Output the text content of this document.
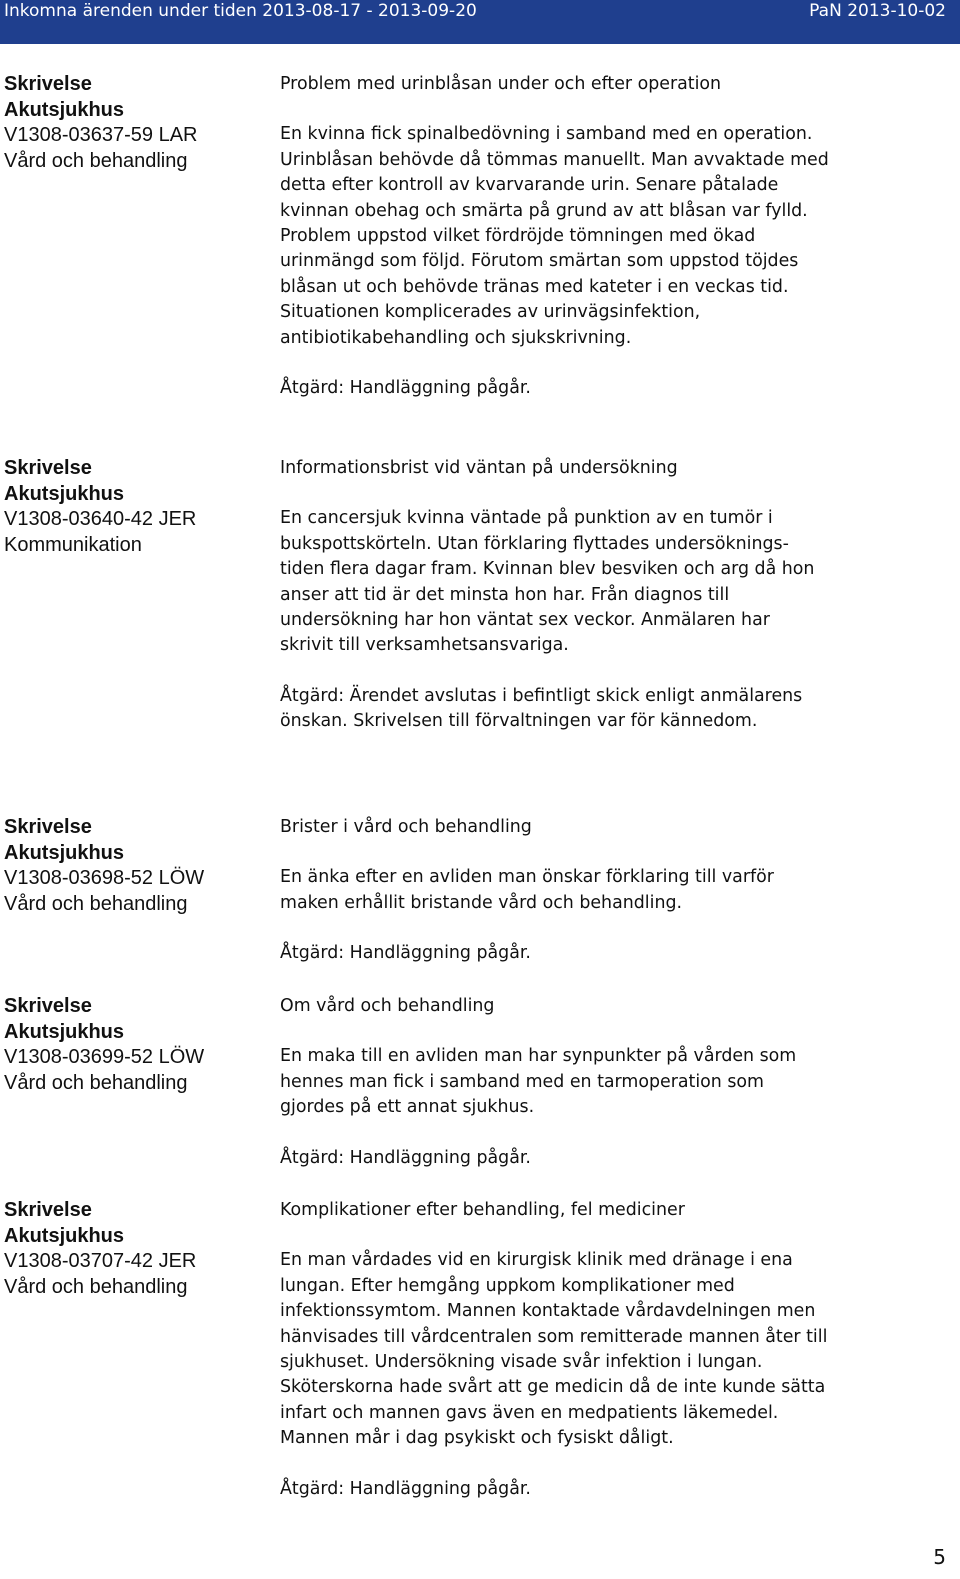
Inkomna ärenden under tiden 2013-08-17 - 2013-09-20	PaN 2013-10-02
Skrivelse
Akutsjukhus
V1308-03637-59 LAR
Vård och behandling
Problem med urinblåsan under och efter operation
En kvinna fick spinalbedövning i samband med en operation.
Urinblåsan behövde då tömmas manuellt. Man avvaktade med
detta efter kontroll av kvarvarande urin. Senare påtalade
kvinnan obehag och smärta på grund av att blåsan var fylld.
Problem uppstod vilket fördröjde tömningen med ökad
urinmängd som följd. Förutom smärtan som uppstod töjdes
blåsan ut och behövde tränas med kateter i en veckas tid.
Situationen komplicerades av urinvägsinfektion,
antibiotikabehandling och sjukskrivning.
Åtgärd: Handläggning pågår.
Skrivelse
Akutsjukhus
V1308-03640-42 JER
Kommunikation
Informationsbrist vid väntan på undersökning
En cancersjuk kvinna väntade på punktion av en tumör i
bukspottskörteln. Utan förklaring flyttades undersöknings-
tiden flera dagar fram. Kvinnan blev besviken och arg då hon
anser att tid är det minsta hon har. Från diagnos till
undersökning har hon väntat sex veckor. Anmälaren har
skrivit till verksamhetsansvariga.
Åtgärd: Ärendet avslutas i befintligt skick enligt anmälarens
önskan. Skrivelsen till förvaltningen var för kännedom.
Skrivelse
Akutsjukhus
V1308-03698-52 LÖW
Vård och behandling
Brister i vård och behandling
En änka efter en avliden man önskar förklaring till varför
maken erhållit bristande vård och behandling.
Åtgärd: Handläggning pågår.
Skrivelse
Akutsjukhus
V1308-03699-52 LÖW
Vård och behandling
Om vård och behandling
En maka till en avliden man har synpunkter på vården som
hennes man fick i samband med en tarmoperation som
gjordes på ett annat sjukhus.
Åtgärd: Handläggning pågår.
Skrivelse
Akutsjukhus
V1308-03707-42 JER
Vård och behandling
Komplikationer efter behandling, fel mediciner
En man vårdades vid en kirurgisk klinik med dränage i ena
lungan. Efter hemgång uppkom komplikationer med
infektionssymtom. Mannen kontaktade vårdavdelningen men
hänvisades till vårdcentralen som remitterade mannen åter till
sjukhuset. Undersökning visade svår infektion i lungan.
Sköterskorna hade svårt att ge medicin då de inte kunde sätta
infart och mannen gavs även en medpatients läkemedel.
Mannen mår i dag psykiskt och fysiskt dåligt.
Åtgärd: Handläggning pågår.
5
